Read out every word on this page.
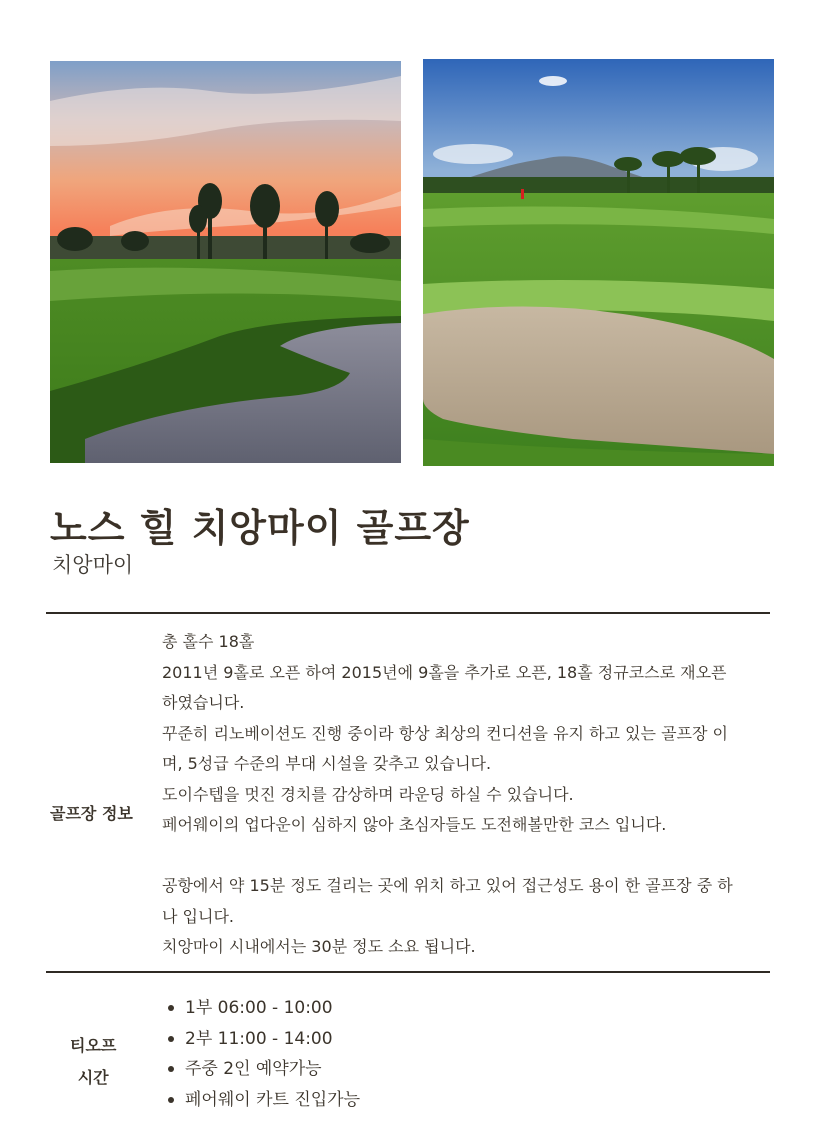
노스 힐 치앙마이 골프장
치앙마이
골프장 정보
총 홀수 18홀
2011년 9홀로 오픈 하여 2015년에 9홀을 추가로 오픈, 18홀 정규코스로 재오픈
하였습니다.
꾸준히 리노베이션도 진행 중이라 항상 최상의 컨디션을 유지 하고 있는 골프장 이
며, 5성급 수준의 부대 시설을 갖추고 있습니다.
도이수텝을 멋진 경치를 감상하며 라운딩 하실 수 있습니다.
페어웨이의 업다운이 심하지 않아 초심자들도 도전해볼만한 코스 입니다.
공항에서 약 15분 정도 걸리는 곳에 위치 하고 있어 접근성도 용이 한 골프장 중 하
나 입니다.
치앙마이 시내에서는 30분 정도 소요 됩니다.
티오프
시간
1부 06:00 - 10:00
2부 11:00 - 14:00
주중 2인 예약가능
페어웨이 카트 진입가능
